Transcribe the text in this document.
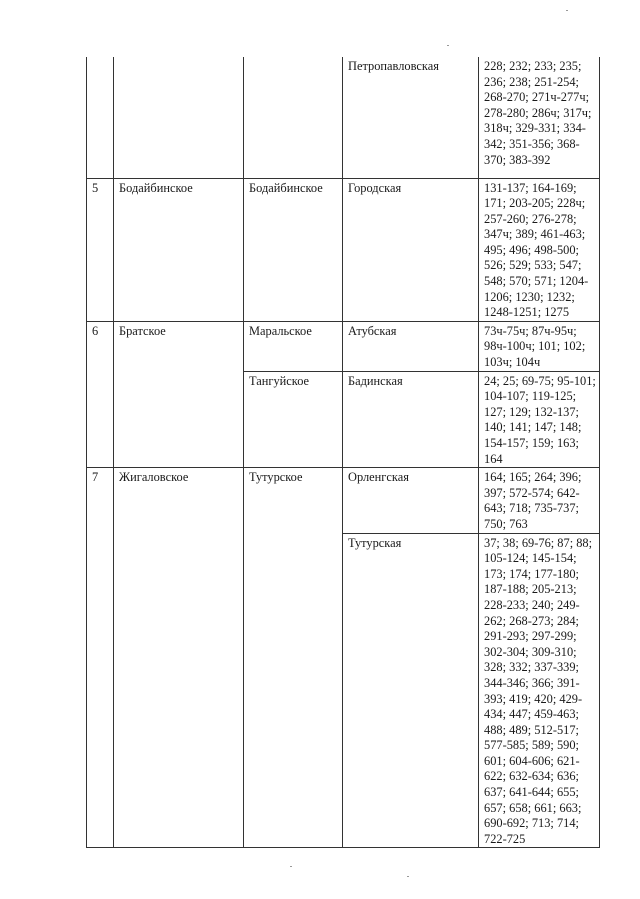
			Петропавловская	228; 232; 233; 235; 236; 238; 251-254; 268-270; 271ч-277ч; 278-280; 286ч; 317ч; 318ч; 329-331; 334-342; 351-356; 368-370; 383-392
5	Бодайбинское	Бодайбинское	Городская	131-137; 164-169; 171; 203-205; 228ч; 257-260; 276-278; 347ч; 389; 461-463; 495; 496; 498-500; 526; 529; 533; 547; 548; 570; 571; 1204-1206; 1230; 1232; 1248-1251; 1275
6	Братское	Маральское	Атубская	73ч-75ч; 87ч-95ч; 98ч-100ч; 101; 102; 103ч; 104ч
		Тангуйское	Бадинская	24; 25; 69-75; 95-101; 104-107; 119-125; 127; 129; 132-137; 140; 141; 147; 148; 154-157; 159; 163; 164
7	Жигаловское	Тутурское	Орленгская	164; 165; 264; 396; 397; 572-574; 642-643; 718; 735-737; 750; 763
			Тутурская	37; 38; 69-76; 87; 88; 105-124; 145-154; 173; 174; 177-180; 187-188; 205-213; 228-233; 240; 249-262; 268-273; 284; 291-293; 297-299; 302-304; 309-310; 328; 332; 337-339; 344-346; 366; 391-393; 419; 420; 429-434; 447; 459-463; 488; 489; 512-517; 577-585; 589; 590; 601; 604-606; 621-622; 632-634; 636; 637; 641-644; 655; 657; 658; 661; 663; 690-692; 713; 714; 722-725
